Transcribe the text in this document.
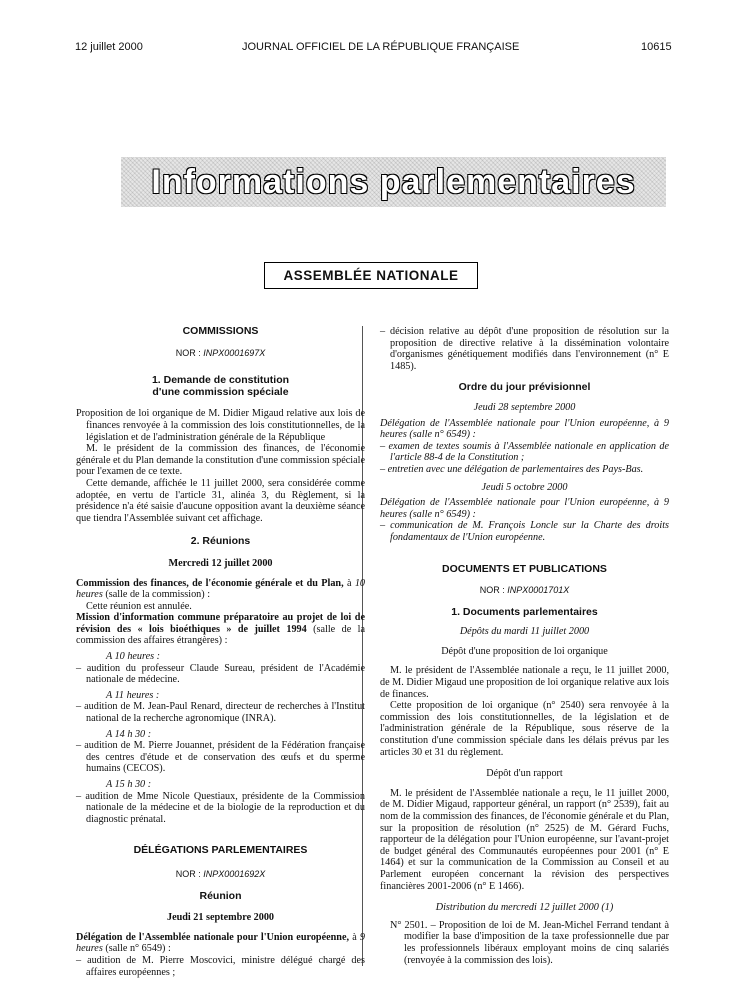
12 juillet 2000	JOURNAL OFFICIEL DE LA RÉPUBLIQUE FRANÇAISE	10615
Informations parlementaires
ASSEMBLÉE NATIONALE

COMMISSIONS

NOR : INPX0001697X

1. Demande de constitution

d'une commission spéciale

Proposition de loi organique de M. Didier Migaud relative aux lois de finances renvoyée à la commission des lois constitutionnelles, de la législation et de l'administration générale de la République

M. le président de la commission des finances, de l'économie générale et du Plan demande la constitution d'une commission spéciale pour l'examen de ce texte.

Cette demande, affichée le 11 juillet 2000, sera considérée comme adoptée, en vertu de l'article 31, alinéa 3, du Règlement, si la présidence n'a été saisie d'aucune opposition avant la deuxième séance que tiendra l'Assemblée suivant cet affichage.

2. Réunions

Mercredi 12 juillet 2000

Commission des finances, de l'économie générale et du Plan, à 10 heures (salle de la commission) :

Cette réunion est annulée.

Mission d'information commune préparatoire au projet de loi de révision des « lois bioéthiques » de juillet 1994 (salle de la commission des affaires étrangères) :

A 10 heures :

– audition du professeur Claude Sureau, président de l'Académie nationale de médecine.

A 11 heures :

– audition de M. Jean-Paul Renard, directeur de recherches à l'Institut national de la recherche agronomique (INRA).

A 14 h 30 :

– audition de M. Pierre Jouannet, président de la Fédération française des centres d'étude et de conservation des œufs et du sperme humains (CECOS).

A 15 h 30 :

– audition de Mme Nicole Questiaux, présidente de la Commission nationale de la médecine et de la biologie de la reproduction et du diagnostic prénatal.

DÉLÉGATIONS PARLEMENTAIRES

NOR : INPX0001692X

Réunion

Jeudi 21 septembre 2000

Délégation de l'Assemblée nationale pour l'Union européenne, à 9 heures (salle n° 6549) :

– audition de M. Pierre Moscovici, ministre délégué chargé des affaires européennes ;

– décision relative au dépôt d'une proposition de résolution sur la proposition de directive relative à la dissémination volontaire d'organismes génétiquement modifiés dans l'environnement (n° E 1485).

Ordre du jour prévisionnel

Jeudi 28 septembre 2000

Délégation de l'Assemblée nationale pour l'Union européenne, à 9 heures (salle n° 6549) :

– examen de textes soumis à l'Assemblée nationale en application de l'article 88-4 de la Constitution ;

– entretien avec une délégation de parlementaires des Pays-Bas.

Jeudi 5 octobre 2000

Délégation de l'Assemblée nationale pour l'Union européenne, à 9 heures (salle n° 6549) :

– communication de M. François Loncle sur la Charte des droits fondamentaux de l'Union européenne.

DOCUMENTS ET PUBLICATIONS

NOR : INPX0001701X

1. Documents parlementaires

Dépôts du mardi 11 juillet 2000

Dépôt d'une proposition de loi organique

M. le président de l'Assemblée nationale a reçu, le 11 juillet 2000, de M. Didier Migaud une proposition de loi organique relative aux lois de finances.

Cette proposition de loi organique (n° 2540) sera renvoyée à la commission des lois constitutionnelles, de la législation et de l'administration générale de la République, sous réserve de la constitution d'une commission spéciale dans les délais prévus par les articles 30 et 31 du règlement.

Dépôt d'un rapport

M. le président de l'Assemblée nationale a reçu, le 11 juillet 2000, de M. Didier Migaud, rapporteur général, un rapport (n° 2539), fait au nom de la commission des finances, de l'économie générale et du Plan, sur la proposition de résolution (n° 2525) de M. Gérard Fuchs, rapporteur de la délégation pour l'Union européenne, sur l'avant-projet de budget général des Communautés européennes pour 2001 (n° E 1464) et sur la communication de la Commission au Conseil et au Parlement européen concernant la révision des perspectives financières 2001-2006 (n° E 1466).

Distribution du mercredi 12 juillet 2000 (1)

N° 2501. – Proposition de loi de M. Jean-Michel Ferrand tendant à modifier la base d'imposition de la taxe professionnelle due par les professionnels libéraux employant moins de cinq salariés (renvoyée à la commission des lois).
